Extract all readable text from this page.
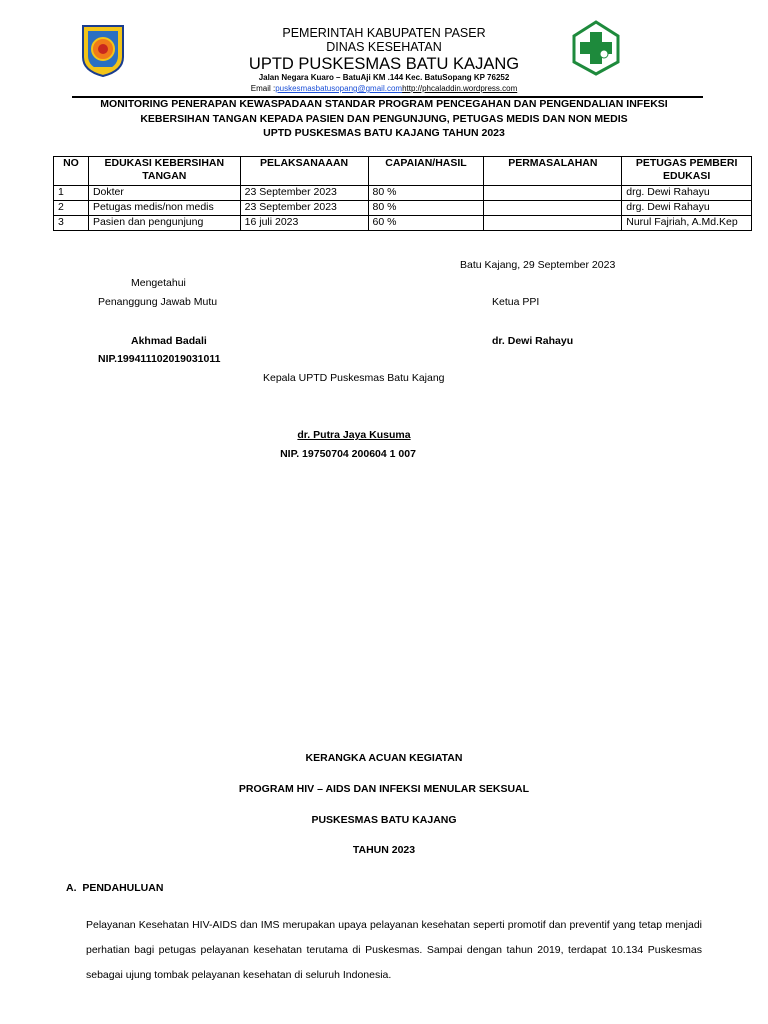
PEMERINTAH KABUPATEN PASER
DINAS KESEHATAN
UPTD PUSKESMAS BATU KAJANG
Jalan Negara Kuaro – BatuAji KM .144 Kec. BatuSopang KP 76252
Email :puskesmasbatusopang@gmail.comhttp://phcaladdin.wordpress.com
MONITORING PENERAPAN KEWASPADAAN STANDAR PROGRAM PENCEGAHAN DAN PENGENDALIAN INFEKSI
KEBERSIHAN TANGAN KEPADA PASIEN DAN PENGUNJUNG, PETUGAS MEDIS DAN NON MEDIS
UPTD PUSKESMAS BATU KAJANG TAHUN 2023
NO	EDUKASI KEBERSIHAN TANGAN	PELAKSANAAAN	CAPAIAN/HASIL	PERMASALAHAN	PETUGAS PEMBERI EDUKASI
1	Dokter	23 September 2023	80 %		drg. Dewi Rahayu
2	Petugas medis/non medis	23 September 2023	80 %		drg. Dewi Rahayu
3	Pasien dan pengunjung	16 juli 2023	60 %		Nurul Fajriah, A.Md.Kep
Batu Kajang, 29 September 2023
Mengetahui
Penanggung Jawab Mutu	Ketua PPI
Akhmad Badali	dr. Dewi Rahayu
NIP.199411102019031011
Kepala UPTD Puskesmas Batu Kajang
dr. Putra Jaya Kusuma
NIP. 19750704 200604 1 007
KERANGKA ACUAN KEGIATAN
PROGRAM HIV – AIDS DAN INFEKSI MENULAR SEKSUAL
PUSKESMAS BATU KAJANG
TAHUN 2023
A. PENDAHULUAN
Pelayanan Kesehatan HIV-AIDS dan IMS merupakan upaya pelayanan kesehatan seperti promotif dan preventif yang tetap menjadi perhatian bagi petugas pelayanan kesehatan terutama di Puskesmas. Sampai dengan tahun 2019, terdapat 10.134 Puskesmas sebagai ujung tombak pelayanan kesehatan di seluruh Indonesia.
